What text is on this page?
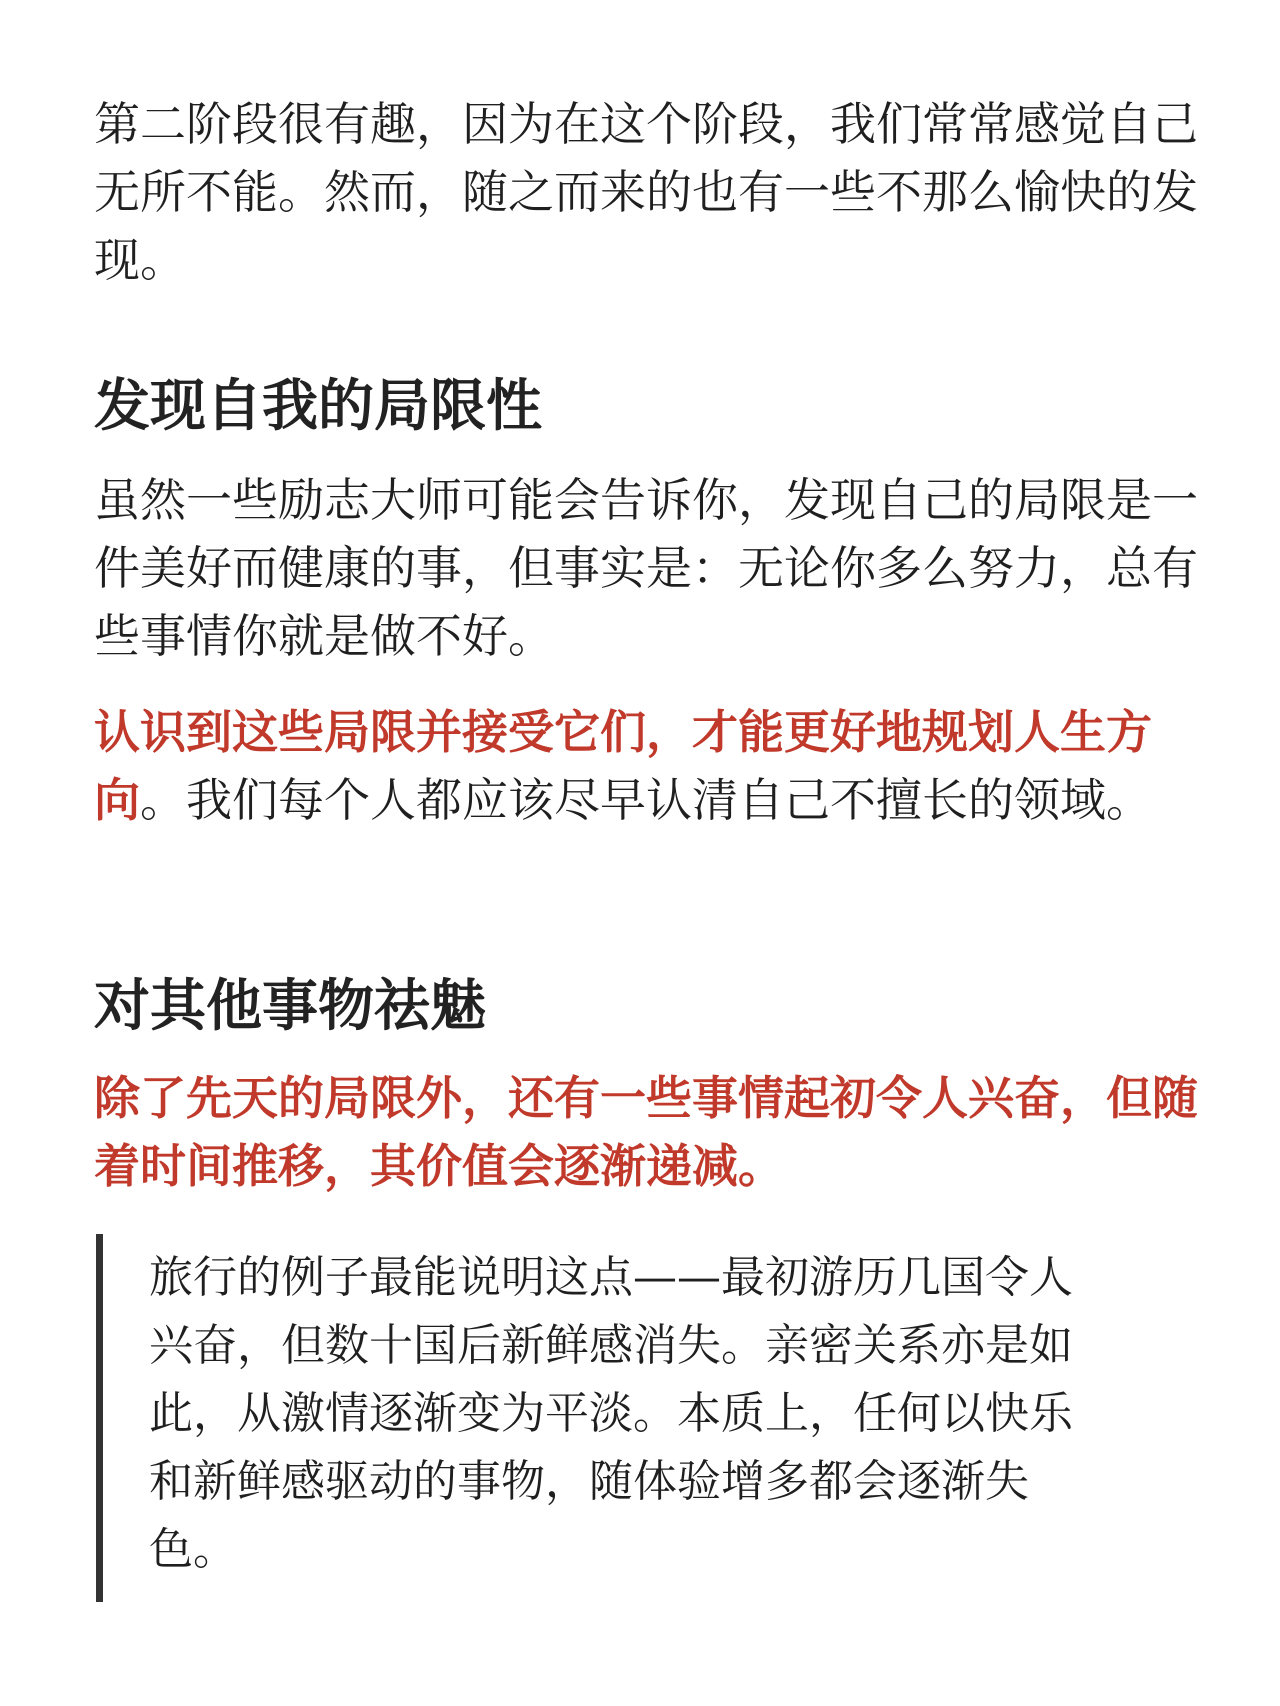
第二阶段很有趣，因为在这个阶段，我们常常感觉自己无所不能。然而，随之而来的也有一些不那么愉快的发现。

发现自我的局限性

虽然一些励志大师可能会告诉你，发现自己的局限是一件美好而健康的事，但事实是：无论你多么努力，总有些事情你就是做不好。

认识到这些局限并接受它们，才能更好地规划人生方向。我们每个人都应该尽早认清自己不擅长的领域。

对其他事物祛魅

除了先天的局限外，还有一些事情起初令人兴奋，但随着时间推移，其价值会逐渐递减。

旅行的例子最能说明这点——最初游历几国令人兴奋，但数十国后新鲜感消失。亲密关系亦是如此，从激情逐渐变为平淡。本质上，任何以快乐和新鲜感驱动的事物，随体验增多都会逐渐失色。
